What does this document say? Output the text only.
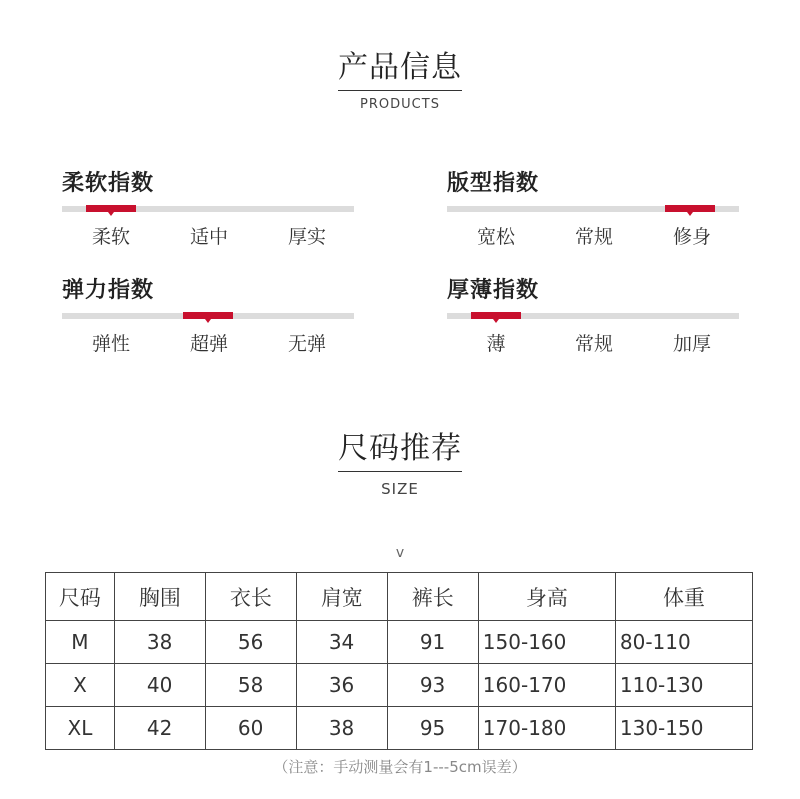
产品信息
PRODUCTS
柔软指数
柔软	适中	厚实
版型指数
宽松	常规	修身
弹力指数
弹性	超弹	无弹
厚薄指数
薄	常规	加厚
尺码推荐
SIZE
v
尺码	胸围	衣长	肩宽	裤长	身高	体重
M	38	56	34	91	150-160	80-110
X	40	58	36	93	160-170	110-130
XL	42	60	38	95	170-180	130-150
（注意：手动测量会有1---5cm误差）
